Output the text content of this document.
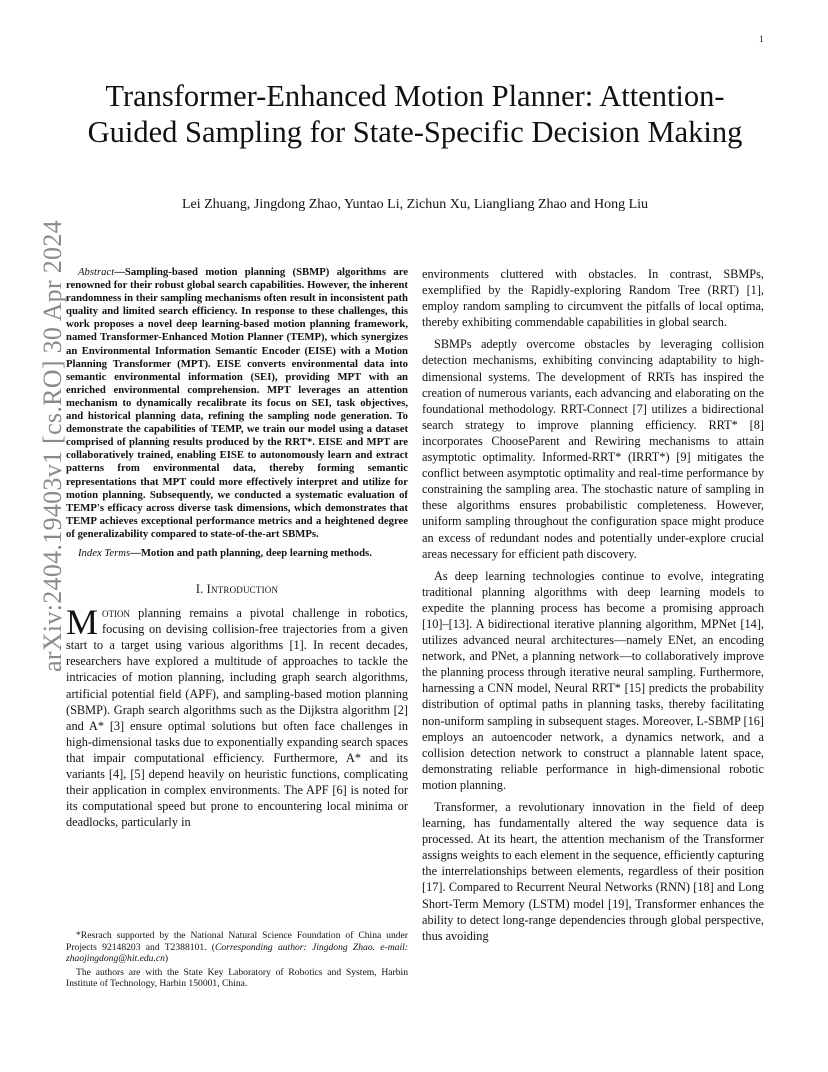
1
arXiv:2404.19403v1 [cs.RO] 30 Apr 2024
Transformer-Enhanced Motion Planner: Attention-Guided Sampling for State-Specific Decision Making

Lei Zhuang, Jingdong Zhao, Yuntao Li, Zichun Xu, Liangliang Zhao and Hong Liu

Abstract—Sampling-based motion planning (SBMP) algorithms are renowned for their robust global search capabilities. However, the inherent randomness in their sampling mechanisms often result in inconsistent path quality and limited search efficiency. In response to these challenges, this work proposes a novel deep learning-based motion planning framework, named Transformer-Enhanced Motion Planner (TEMP), which synergizes an Environmental Information Semantic Encoder (EISE) with a Motion Planning Transformer (MPT). EISE converts environmental data into semantic environmental information (SEI), providing MPT with an enriched environmental comprehension. MPT leverages an attention mechanism to dynamically recalibrate its focus on SEI, task objectives, and historical planning data, refining the sampling node generation. To demonstrate the capabilities of TEMP, we train our model using a dataset comprised of planning results produced by the RRT*. EISE and MPT are collaboratively trained, enabling EISE to autonomously learn and extract patterns from environmental data, thereby forming semantic representations that MPT could more effectively interpret and utilize for motion planning. Subsequently, we conducted a systematic evaluation of TEMP's efficacy across diverse task dimensions, which demonstrates that TEMP achieves exceptional performance metrics and a heightened degree of generalizability compared to state-of-the-art SBMPs.

Index Terms—Motion and path planning, deep learning methods.

I. Introduction

Motion planning remains a pivotal challenge in robotics, focusing on devising collision-free trajectories from a given start to a target using various algorithms [1]. In recent decades, researchers have explored a multitude of approaches to tackle the intricacies of motion planning, including graph search algorithms, artificial potential field (APF), and sampling-based motion planning (SBMP). Graph search algorithms such as the Dijkstra algorithm [2] and A* [3] ensure optimal solutions but often face challenges in high-dimensional tasks due to exponentially expanding search spaces that impair computational efficiency. Furthermore, A* and its variants [4], [5] depend heavily on heuristic functions, complicating their application in complex environments. The APF [6] is noted for its computational speed but prone to encountering local minima or deadlocks, particularly in

*Resrach supported by the National Natural Science Foundation of China under Projects 92148203 and T2388101. (Corresponding author: Jingdong Zhao. e-mail: zhaojingdong@hit.edu.cn)

The authors are with the State Key Laboratory of Robotics and System, Harbin Institute of Technology, Harbin 150001, China.

environments cluttered with obstacles. In contrast, SBMPs, exemplified by the Rapidly-exploring Random Tree (RRT) [1], employ random sampling to circumvent the pitfalls of local optima, thereby exhibiting commendable capabilities in global search.

SBMPs adeptly overcome obstacles by leveraging collision detection mechanisms, exhibiting convincing adaptability to high-dimensional systems. The development of RRTs has inspired the creation of numerous variants, each advancing and elaborating on the foundational methodology. RRT-Connect [7] utilizes a bidirectional search strategy to improve planning efficiency. RRT* [8] incorporates ChooseParent and Rewiring mechanisms to attain asymptotic optimality. Informed-RRT* (IRRT*) [9] mitigates the conflict between asymptotic optimality and real-time performance by constraining the sampling area. The stochastic nature of sampling in these algorithms ensures probabilistic completeness. However, uniform sampling throughout the configuration space might produce an excess of redundant nodes and potentially under-explore crucial areas necessary for efficient path discovery.

As deep learning technologies continue to evolve, integrating traditional planning algorithms with deep learning models to expedite the planning process has become a promising approach [10]–[13]. A bidirectional iterative planning algorithm, MPNet [14], utilizes advanced neural architectures—namely ENet, an encoding network, and PNet, a planning network—to collaboratively improve the planning process through iterative neural sampling. Furthermore, harnessing a CNN model, Neural RRT* [15] predicts the probability distribution of optimal paths in planning tasks, thereby facilitating non-uniform sampling in subsequent stages. Moreover, L-SBMP [16] employs an autoencoder network, a dynamics network, and a collision detection network to construct a plannable latent space, demonstrating reliable performance in high-dimensional robotic motion planning.

Transformer, a revolutionary innovation in the field of deep learning, has fundamentally altered the way sequence data is processed. At its heart, the attention mechanism of the Transformer assigns weights to each element in the sequence, efficiently capturing the interrelationships between elements, regardless of their position [17]. Compared to Recurrent Neural Networks (RNN) [18] and Long Short-Term Memory (LSTM) model [19], Transformer enhances the ability to detect long-range dependencies through global perspective, thus avoiding
